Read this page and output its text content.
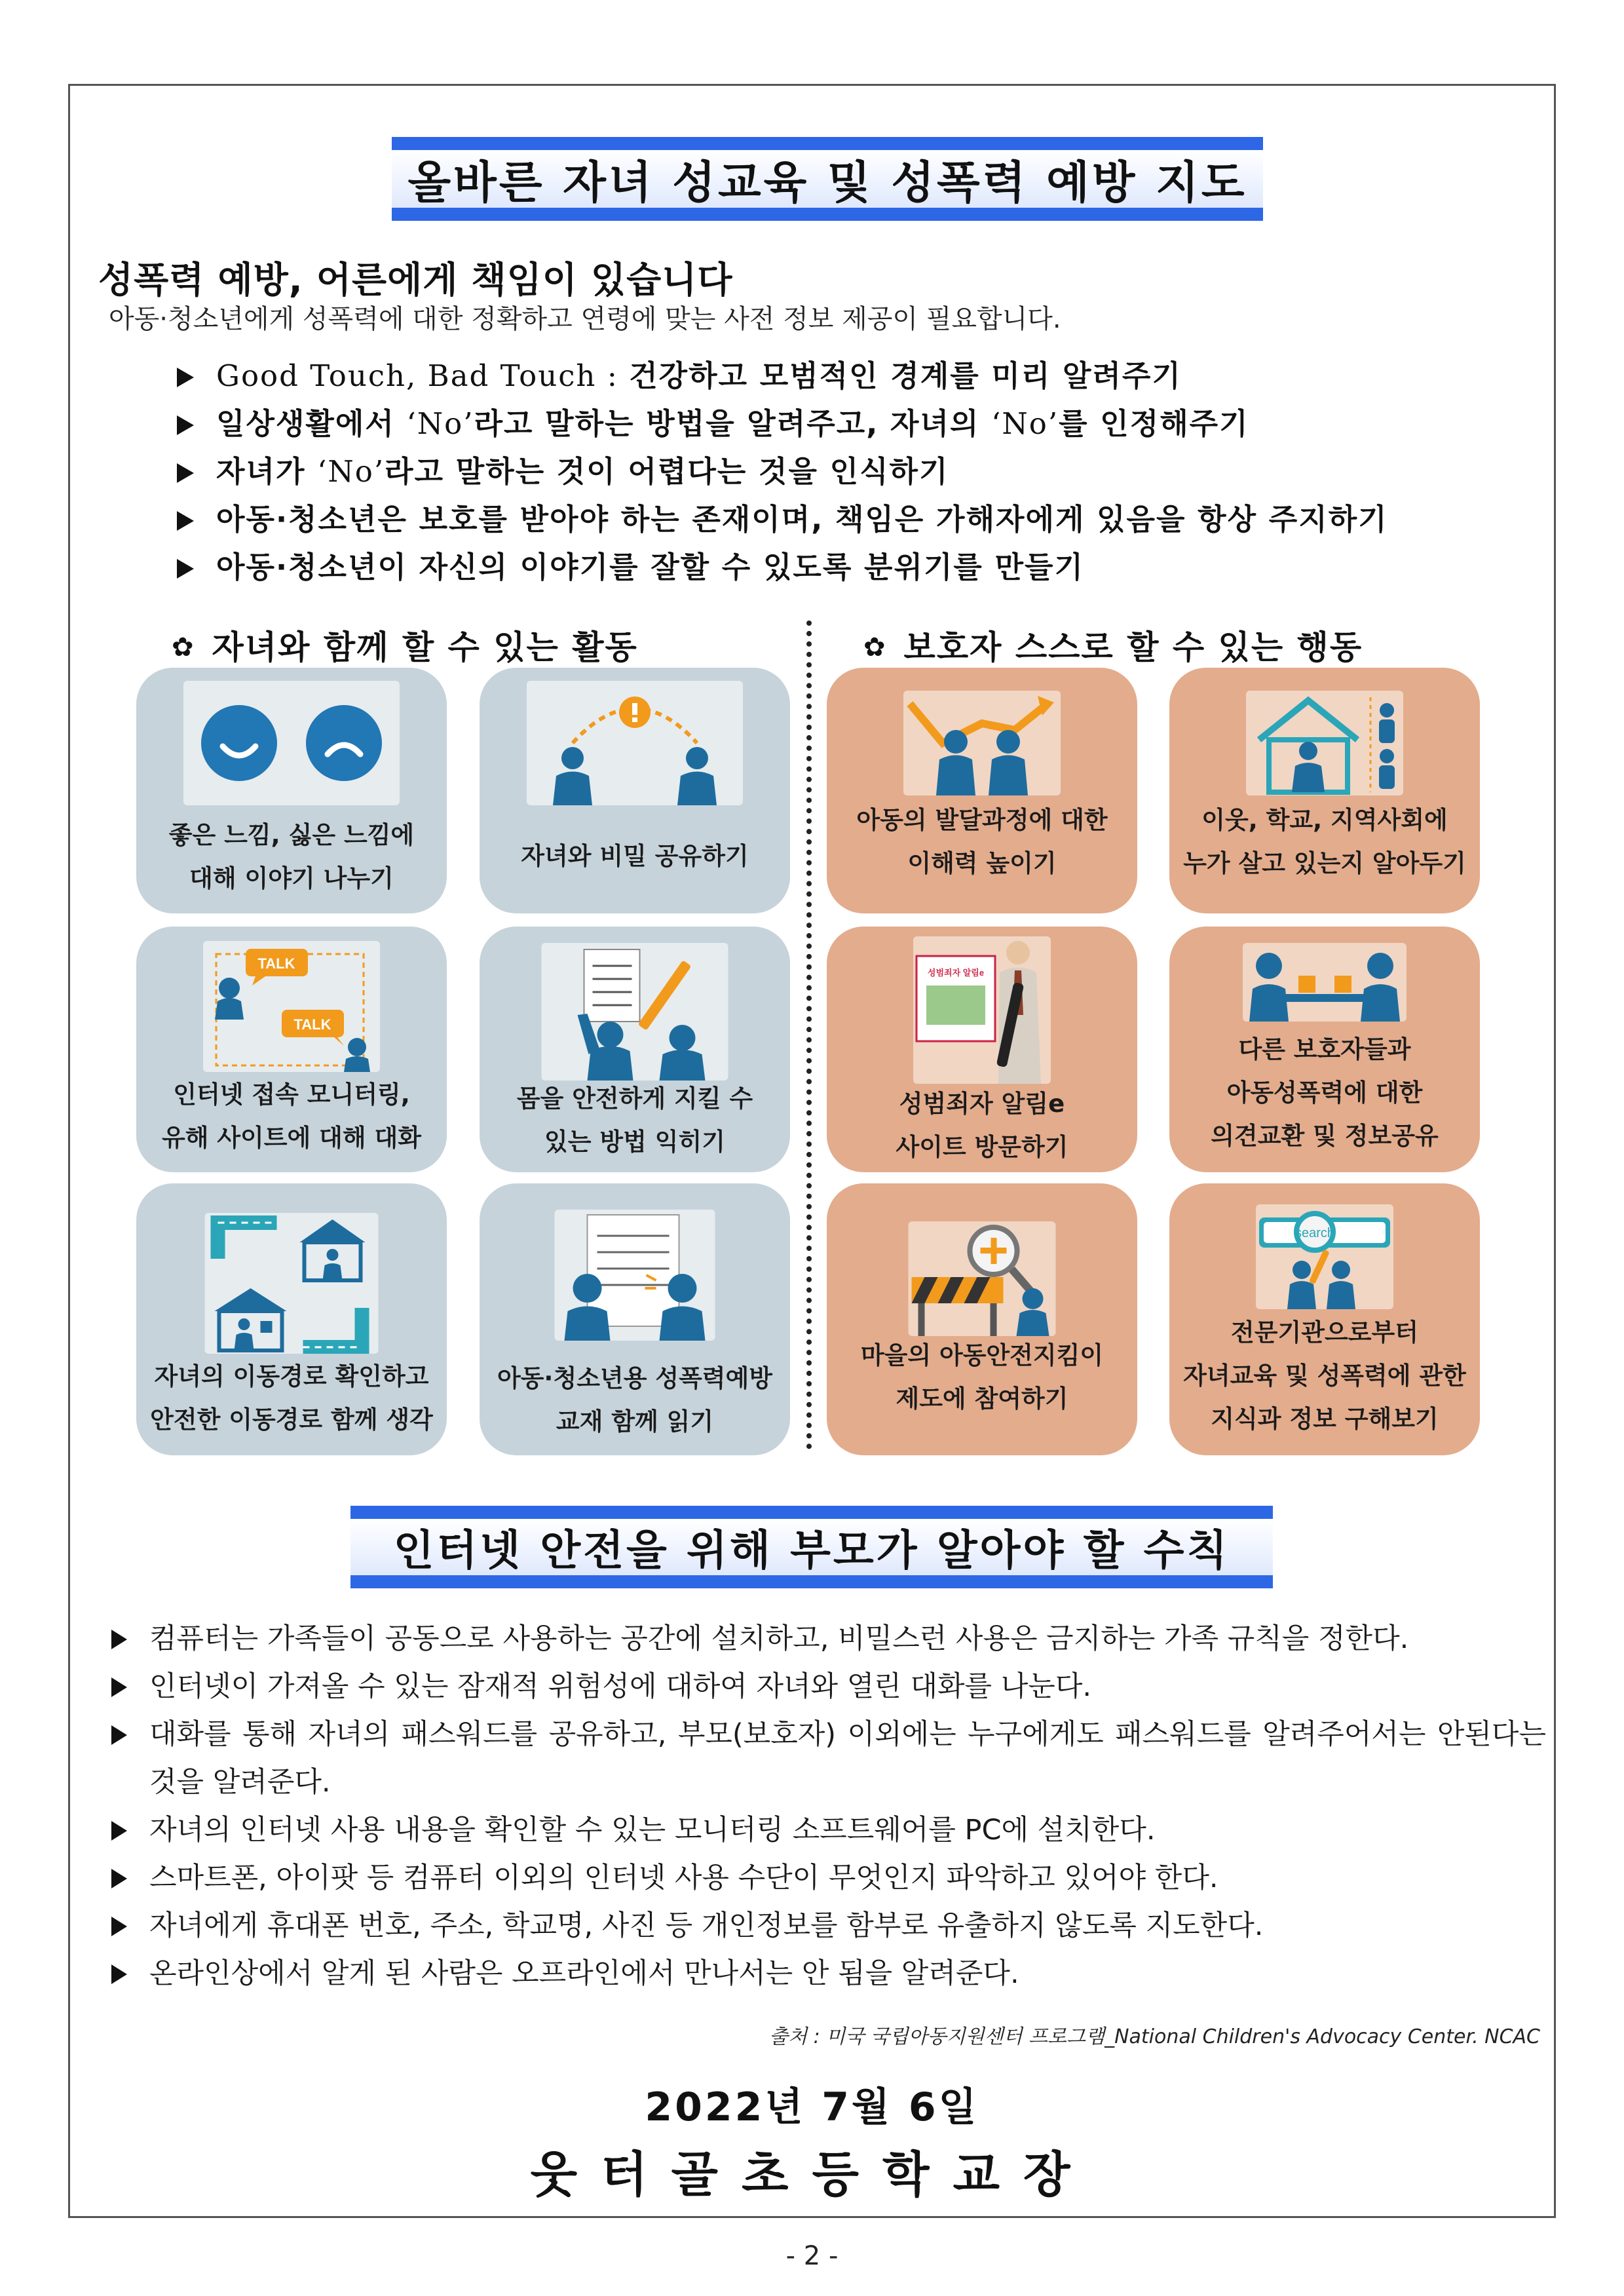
올바른 자녀 성교육 및 성폭력 예방 지도
성폭력 예방, 어른에게 책임이 있습니다
아동·청소년에게 성폭력에 대한 정확하고 연령에 맞는 사전 정보 제공이 필요합니다.
Good Touch, Bad Touch : 건강하고 모범적인 경계를 미리 알려주기
일상생활에서 ‘No’라고 말하는 방법을 알려주고, 자녀의 ‘No’를 인정해주기
자녀가 ‘No’라고 말하는 것이 어렵다는 것을 인식하기
아동·청소년은 보호를 받아야 하는 존재이며, 책임은 가해자에게 있음을 항상 주지하기
아동·청소년이 자신의 이야기를 잘할 수 있도록 분위기를 만들기
✿ 자녀와 함께 할 수 있는 활동	✿ 보호자 스스로 할 수 있는 행동
좋은 느낌, 싫은 느낌에
대해 이야기 나누기
자녀와 비밀 공유하기
아동의 발달과정에 대한
이해력 높이기
이웃, 학교, 지역사회에
누가 살고 있는지 알아두기
TALK
TALK
인터넷 접속 모니터링,
유해 사이트에 대해 대화
몸을 안전하게 지킬 수
있는 방법 익히기
성범죄자 알림e
성범죄자 알림e
사이트 방문하기
다른 보호자들과
아동성폭력에 대한
의견교환 및 정보공유
자녀의 이동경로 확인하고
안전한 이동경로 함께 생각
아동·청소년용 성폭력예방
교재 함께 읽기
마을의 아동안전지킴이
제도에 참여하기
search
전문기관으로부터
자녀교육 및 성폭력에 관한
지식과 정보 구해보기
인터넷 안전을 위해 부모가 알아야 할 수칙
컴퓨터는 가족들이 공동으로 사용하는 공간에 설치하고, 비밀스런 사용은 금지하는 가족 규칙을 정한다.
인터넷이 가져올 수 있는 잠재적 위험성에 대하여 자녀와 열린 대화를 나눈다.
대화를 통해 자녀의 패스워드를 공유하고, 부모(보호자) 이외에는 누구에게도 패스워드를 알려주어서는 안된다는 것을 알려준다.
자녀의 인터넷 사용 내용을 확인할 수 있는 모니터링 소프트웨어를 PC에 설치한다.
스마트폰, 아이팟 등 컴퓨터 이외의 인터넷 사용 수단이 무엇인지 파악하고 있어야 한다.
자녀에게 휴대폰 번호, 주소, 학교명, 사진 등 개인정보를 함부로 유출하지 않도록 지도한다.
온라인상에서 알게 된 사람은 오프라인에서 만나서는 안 됨을 알려준다.
출처 : 미국 국립아동지원센터 프로그램_National Children's Advocacy Center. NCAC
2022년 7월 6일
웃터골초등학교장
- 2 -
